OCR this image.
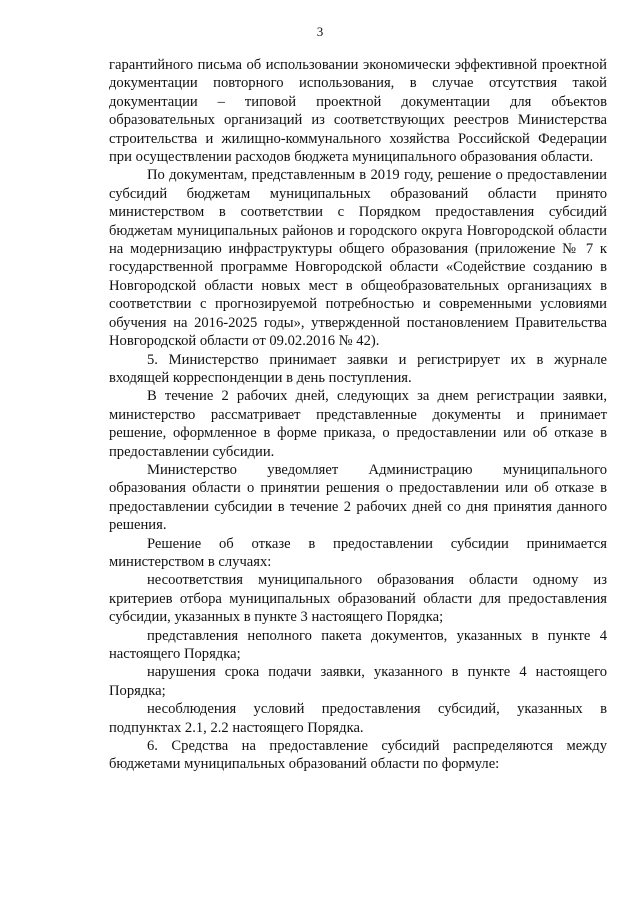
3

гарантийного письма об использовании экономически эффективной проектной документации повторного использования, в случае отсутствия такой документации – типовой проектной документации для объектов образовательных организаций из соответствующих реестров Министерства строительства и жилищно-коммунального хозяйства Российской Федерации при осуществлении расходов бюджета муниципального образования области.

По документам, представленным в 2019 году, решение о предоставлении субсидий бюджетам муниципальных образований области принято министерством в соответствии с Порядком предоставления субсидий бюджетам муниципальных районов и городского округа Новгородской области на модернизацию инфраструктуры общего образования (приложение № 7 к государственной программе Новгородской области «Содействие созданию в Новгородской области новых мест в общеобразовательных организациях в соответствии с прогнозируемой потребностью и современными условиями обучения на 2016-2025 годы», утвержденной постановлением Правительства Новгородской области от 09.02.2016 № 42).

5. Министерство принимает заявки и регистрирует их в журнале входящей корреспонденции в день поступления.

В течение 2 рабочих дней, следующих за днем регистрации заявки, министерство рассматривает представленные документы и принимает решение, оформленное в форме приказа, о предоставлении или об отказе в предоставлении субсидии.

Министерство уведомляет Администрацию муниципального образования области о принятии решения о предоставлении или об отказе в предоставлении субсидии в течение 2 рабочих дней со дня принятия данного решения.

Решение об отказе в предоставлении субсидии принимается министерством в случаях:

несоответствия муниципального образования области одному из критериев отбора муниципальных образований области для предоставления субсидии, указанных в пункте 3 настоящего Порядка;

представления неполного пакета документов, указанных в пункте 4 настоящего Порядка;

нарушения срока подачи заявки, указанного в пункте 4 настоящего Порядка;

несоблюдения условий предоставления субсидий, указанных в подпунктах 2.1, 2.2 настоящего Порядка.

6. Средства на предоставление субсидий распределяются между бюджетами муниципальных образований области по формуле:
